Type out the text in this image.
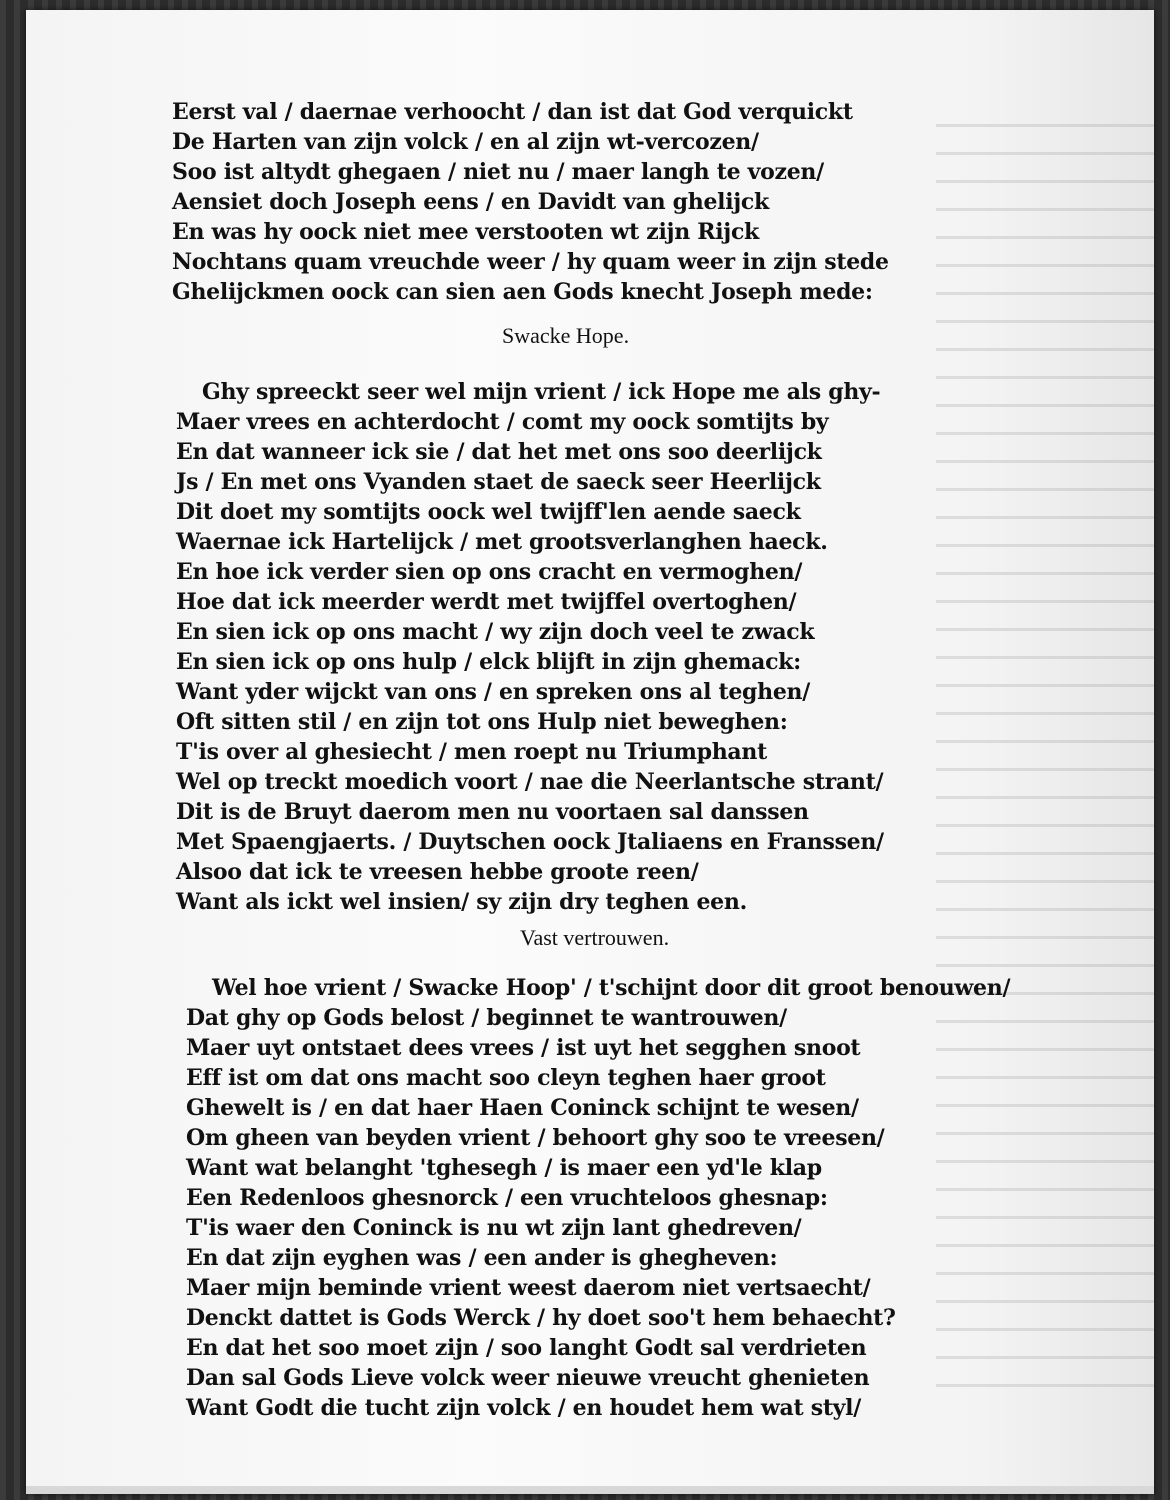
Eerst val / daernae verhoocht / dan ist dat God verquickt
De Harten van zijn volck / en al zijn wt-vercozen/
Soo ist altydt ghegaen / niet nu / maer langh te vozen/
Aensiet doch Joseph eens / en Davidt van ghelijck
En was hy oock niet mee verstooten wt zijn Rijck
Nochtans quam vreuchde weer / hy quam weer in zijn stede
Ghelijckmen oock can sien aen Gods knecht Joseph mede:
Swacke Hope.
Ghy spreeckt seer wel mijn vrient / ick Hope me als ghy-
Maer vrees en achterdocht / comt my oock somtijts by
En dat wanneer ick sie / dat het met ons soo deerlijck
Js / En met ons Vyanden staet de saeck seer Heerlijck
Dit doet my somtijts oock wel twijff'len aende saeck
Waernae ick Hartelijck / met grootsverlanghen haeck.
En hoe ick verder sien op ons cracht en vermoghen/
Hoe dat ick meerder werdt met twijffel overtoghen/
En sien ick op ons macht / wy zijn doch veel te zwack
En sien ick op ons hulp / elck blijft in zijn ghemack:
Want yder wijckt van ons / en spreken ons al teghen/
Oft sitten stil / en zijn tot ons Hulp niet beweghen:
T'is over al ghesiecht / men roept nu Triumphant
Wel op treckt moedich voort / nae die Neerlantsche strant/
Dit is de Bruyt daerom men nu voortaen sal danssen
Met Spaengjaerts. / Duytschen oock Jtaliaens en Franssen/
Alsoo dat ick te vreesen hebbe groote reen/
Want als ickt wel insien/ sy zijn dry teghen een.
Vast vertrouwen.
Wel hoe vrient / Swacke Hoop' / t'schijnt door dit groot benouwen/
Dat ghy op Gods belost / beginnet te wantrouwen/
Maer uyt ontstaet dees vrees / ist uyt het segghen snoot
Eff ist om dat ons macht soo cleyn teghen haer groot
Ghewelt is / en dat haer Haen Coninck schijnt te wesen/
Om gheen van beyden vrient / behoort ghy soo te vreesen/
Want wat belanght 'tghesegh / is maer een yd'le klap
Een Redenloos ghesnorck / een vruchteloos ghesnap:
T'is waer den Coninck is nu wt zijn lant ghedreven/
En dat zijn eyghen was / een ander is ghegheven:
Maer mijn beminde vrient weest daerom niet vertsaecht/
Denckt dattet is Gods Werck / hy doet soo't hem behaecht?
En dat het soo moet zijn / soo langht Godt sal verdrieten
Dan sal Gods Lieve volck weer nieuwe vreucht ghenieten
Want Godt die tucht zijn volck / en houdet hem wat styl/
